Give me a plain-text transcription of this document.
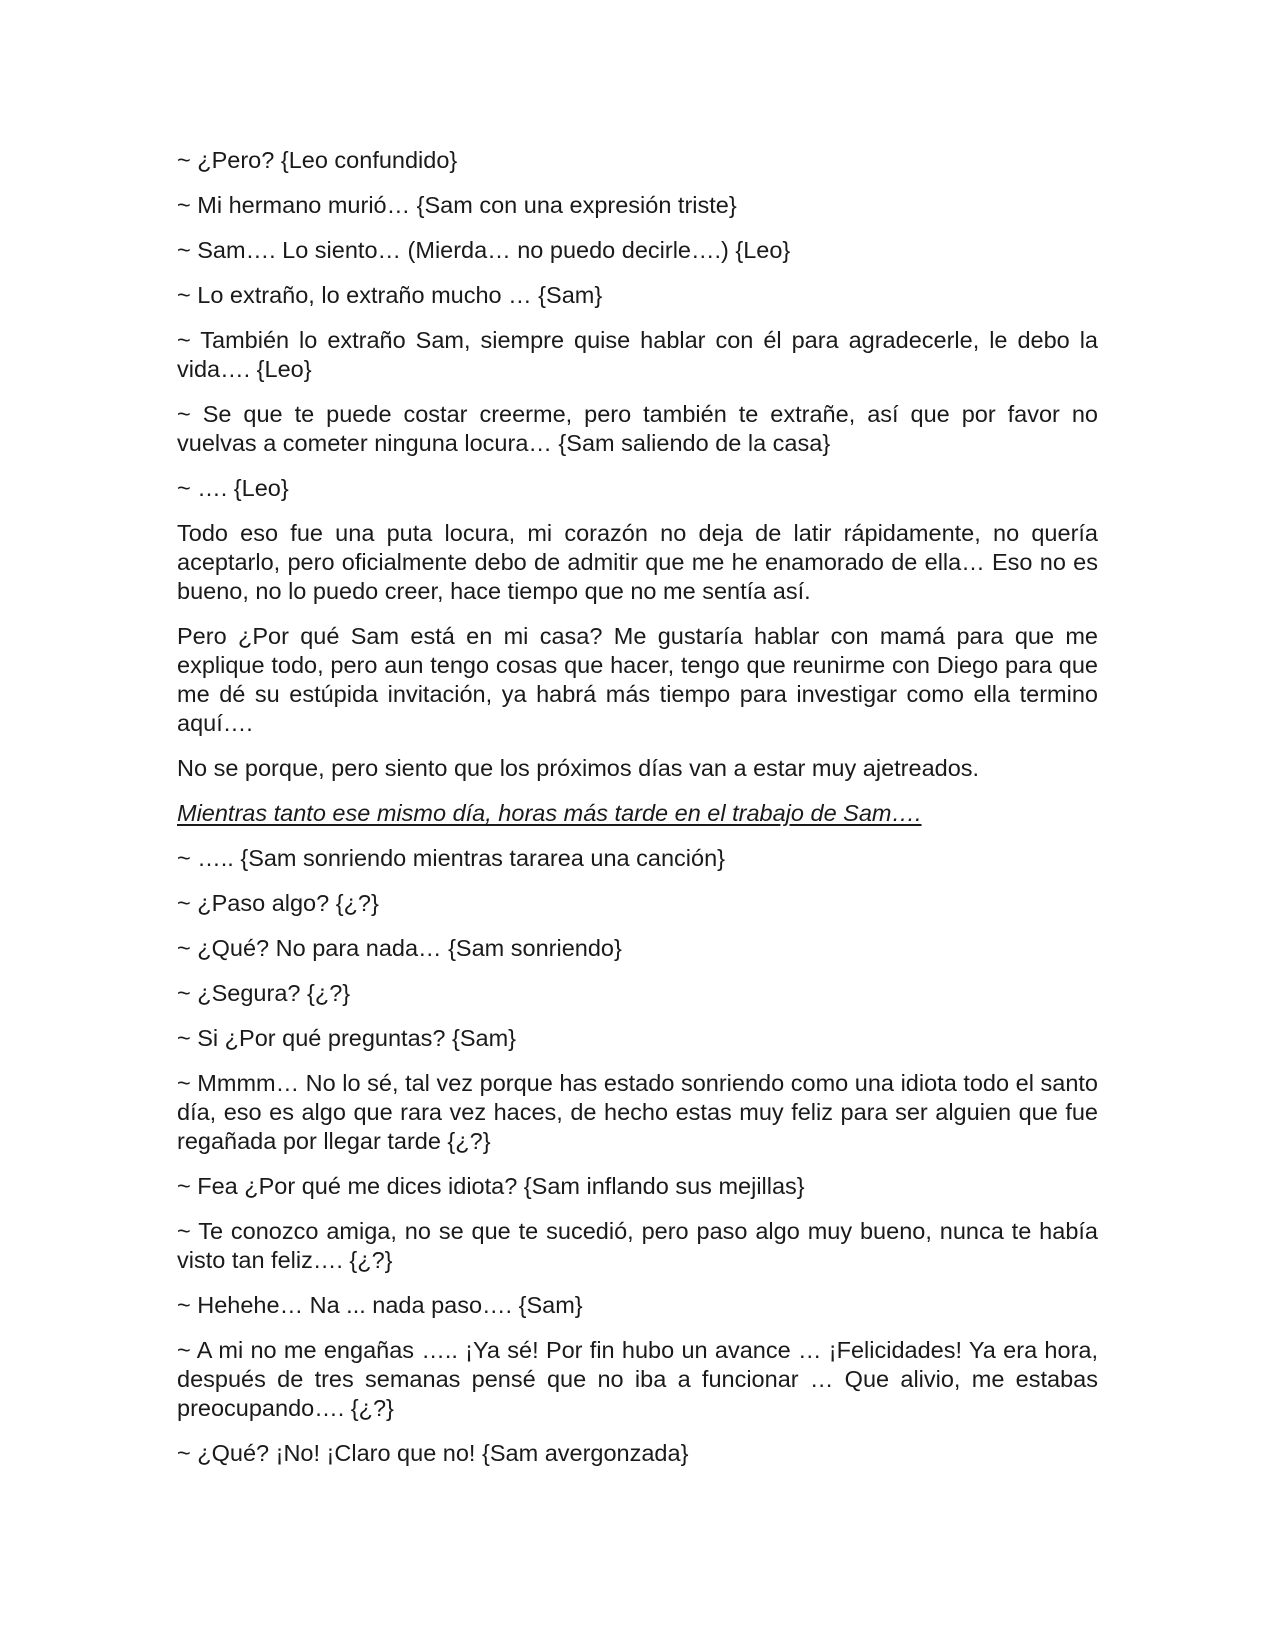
~ ¿Pero? {Leo confundido}

~ Mi hermano murió… {Sam con una expresión triste}

~ Sam…. Lo siento… (Mierda… no puedo decirle….) {Leo}

~ Lo extraño, lo extraño mucho … {Sam}

~ También lo extraño Sam, siempre quise hablar con él para agradecerle, le debo la vida…. {Leo}

~ Se que te puede costar creerme, pero también te extrañe, así que por favor no vuelvas a cometer ninguna locura… {Sam saliendo de la casa}

~ …. {Leo}

Todo eso fue una puta locura, mi corazón no deja de latir rápidamente, no quería aceptarlo, pero oficialmente debo de admitir que me he enamorado de ella… Eso no es bueno, no lo puedo creer, hace tiempo que no me sentía así.

Pero ¿Por qué Sam está en mi casa? Me gustaría hablar con mamá para que me explique todo, pero aun tengo cosas que hacer, tengo que reunirme con Diego para que me dé su estúpida invitación, ya habrá más tiempo para investigar como ella termino aquí….

No se porque, pero siento que los próximos días van a estar muy ajetreados.

Mientras tanto ese mismo día, horas más tarde en el trabajo de Sam….

~ ….. {Sam sonriendo mientras tararea una canción}

~ ¿Paso algo? {¿?}

~ ¿Qué? No para nada… {Sam sonriendo}

~ ¿Segura? {¿?}

~ Si ¿Por qué preguntas? {Sam}

~ Mmmm… No lo sé, tal vez porque has estado sonriendo como una idiota todo el santo día, eso es algo que rara vez haces, de hecho estas muy feliz para ser alguien que fue regañada por llegar tarde {¿?}

~ Fea ¿Por qué me dices idiota? {Sam inflando sus mejillas}

~ Te conozco amiga, no se que te sucedió, pero paso algo muy bueno, nunca te había visto tan feliz…. {¿?}

~ Hehehe… Na ... nada paso…. {Sam}

~ A mi no me engañas ….. ¡Ya sé! Por fin hubo un avance … ¡Felicidades! Ya era hora, después de tres semanas pensé que no iba a funcionar … Que alivio, me estabas preocupando…. {¿?}

~ ¿Qué? ¡No! ¡Claro que no! {Sam avergonzada}
